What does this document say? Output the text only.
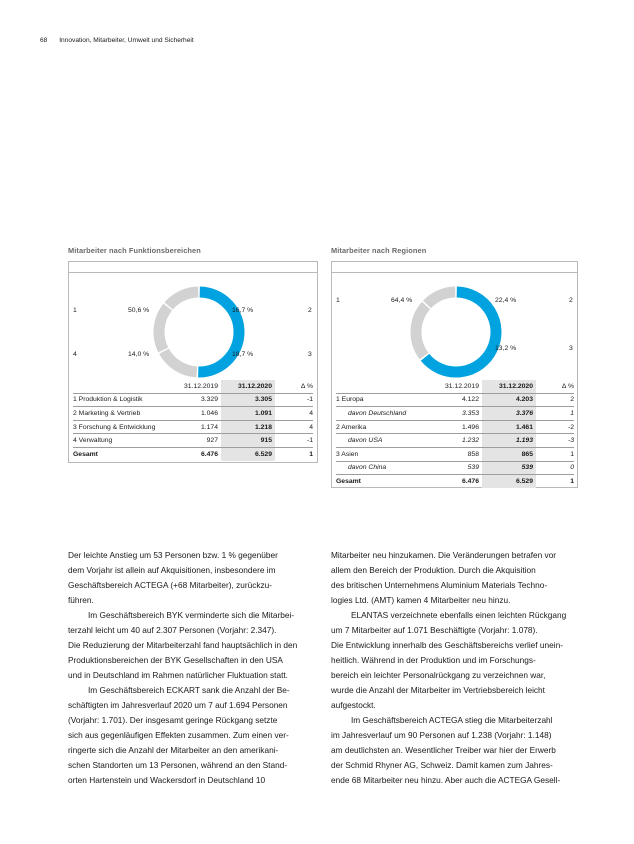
68 Innovation, Mitarbeiter, Umwelt und Sicherheit
Mitarbeiter nach Funktionsbereichen	Mitarbeiter nach Regionen
1	50,6 %	16,7 %	2
4	14,0 %	18,7 %	3
	31.12.2019	31.12.2020	Δ %
1 Produktion & Logistik	3.329	3.305	-1
2 Marketing & Vertrieb	1.046	1.091	4
3 Forschung & Entwicklung	1.174	1.218	4
4 Verwaltung	927	915	-1
Gesamt	6.476	6.529	1
1	64,4 %	22,4 %	2
13,2 %	3
	31.12.2019	31.12.2020	Δ %
1 Europa	4.122	4.203	2
davon Deutschland	3.353	3.376	1
2 Amerika	1.496	1.461	-2
davon USA	1.232	1.193	-3
3 Asien	858	865	1
davon China	539	539	0
Gesamt	6.476	6.529	1

Der leichte Anstieg um 53 Personen bzw. 1 % gegenüber

dem Vorjahr ist allein auf Akquisitionen, insbesondere im

Geschäftsbereich ACTEGA (+68 Mitarbeiter), zurückzu-

führen.

Im Geschäftsbereich BYK verminderte sich die Mitarbei-

terzahl leicht um 40 auf 2.307 Personen (Vorjahr: 2.347).

Die Reduzierung der Mitarbeiterzahl fand hauptsächlich in den

Produktionsbereichen der BYK Gesellschaften in den USA

und in Deutschland im Rahmen natürlicher Fluktuation statt.

Im Geschäftsbereich ECKART sank die Anzahl der Be-

schäftigten im Jahresverlauf 2020 um 7 auf 1.694 Personen

(Vorjahr: 1.701). Der insgesamt geringe Rückgang setzte

sich aus gegenläufigen Effekten zusammen. Zum einen ver-

ringerte sich die Anzahl der Mitarbeiter an den amerikani-

schen Standorten um 13 Personen, während an den Stand-

orten Hartenstein und Wackersdorf in Deutschland 10

Mitarbeiter neu hinzukamen. Die Veränderungen betrafen vor

allem den Bereich der Produktion. Durch die Akquisition

des britischen Unternehmens Aluminium Materials Techno-

logies Ltd. (AMT) kamen 4 Mitarbeiter neu hinzu.

ELANTAS verzeichnete ebenfalls einen leichten Rückgang

um 7 Mitarbeiter auf 1.071 Beschäftigte (Vorjahr: 1.078).

Die Entwicklung innerhalb des Geschäftsbereichs verlief unein-

heitlich. Während in der Produktion und im Forschungs-

bereich ein leichter Personalrückgang zu verzeichnen war,

wurde die Anzahl der Mitarbeiter im Vertriebsbereich leicht

aufgestockt.

Im Geschäftsbereich ACTEGA stieg die Mitarbeiterzahl

im Jahresverlauf um 90 Personen auf 1.238 (Vorjahr: 1.148)

am deutlichsten an. Wesentlicher Treiber war hier der Erwerb

der Schmid Rhyner AG, Schweiz. Damit kamen zum Jahres-

ende 68 Mitarbeiter neu hinzu. Aber auch die ACTEGA Gesell-
